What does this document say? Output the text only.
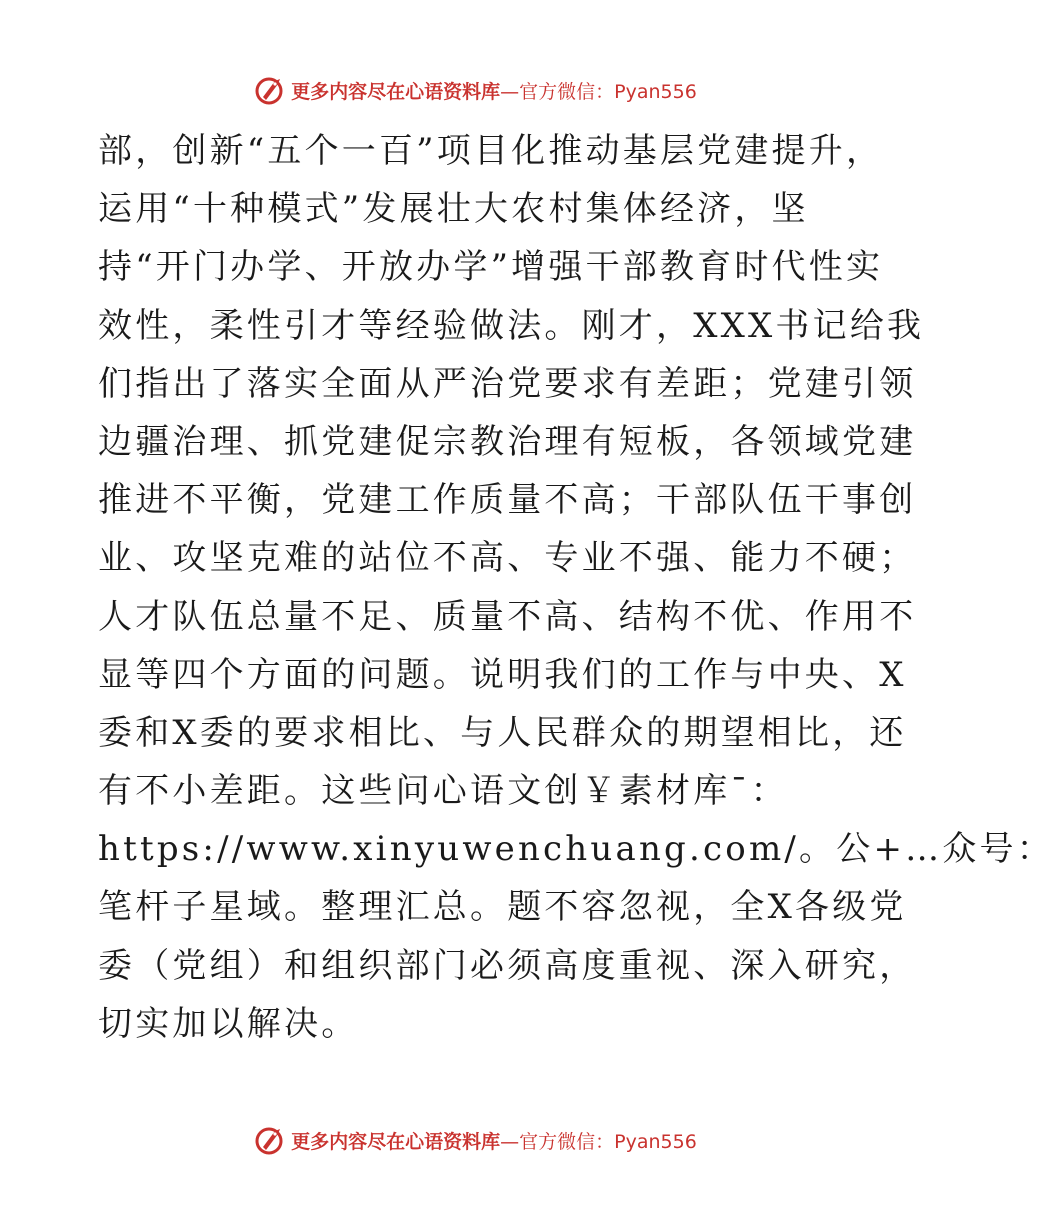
更多内容尽在心语资料库—官方微信：Pyan556
部，创新“五个一百”项目化推动基层党建提升，
运用“十种模式”发展壮大农村集体经济，坚
持“开门办学、开放办学”增强干部教育时代性实
效性，柔性引才等经验做法。刚才，XXX书记给我
们指出了落实全面从严治党要求有差距；党建引领
边疆治理、抓党建促宗教治理有短板，各领域党建
推进不平衡，党建工作质量不高；干部队伍干事创
业、攻坚克难的站位不高、专业不强、能力不硬；
人才队伍总量不足、质量不高、结构不优、作用不
显等四个方面的问题。说明我们的工作与中央、X
委和X委的要求相比、与人民群众的期望相比，还
有不小差距。这些问心语文创￥素材库¯：
https://www.xinyuwenchuang.com/。公+…众号：
笔杆子星域。整理汇总。题不容忽视，全X各级党
委（党组）和组织部门必须高度重视、深入研究，
切实加以解决。
更多内容尽在心语资料库—官方微信：Pyan556
